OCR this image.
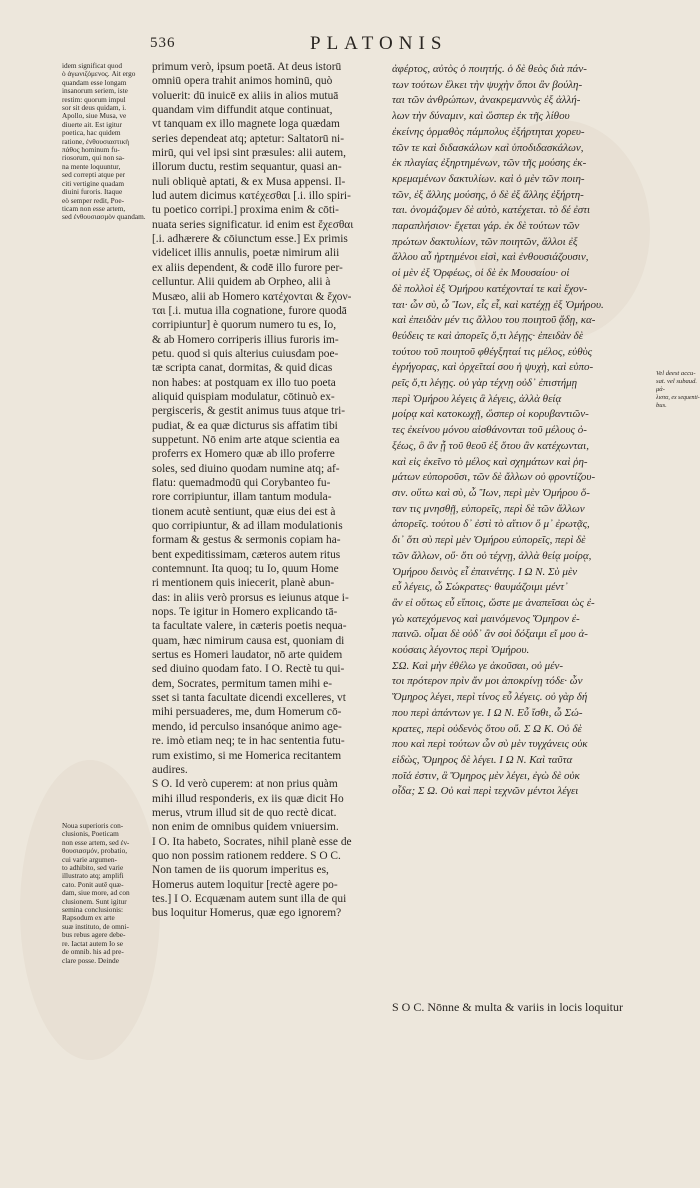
536	PLATONIS
idem significat quod
ὁ ἀγωνιζόμενος. Ait ergo
quandam esse longam
insanorum seriem, iste
restim: quorum impul
sor sit deus quidam, i.
Apollo, siue Musa, ve
diuerte ait. Est igitur
poetica, hac quidem
ratione, ἐνθουσιαστικὴ
πάθος hominum fu-
riosorum, qui non sa-
na mente loquuntur,
sed correpti atque per
citi vertigine quadam
diuini furoris. Itaque
eò semper redit, Poe-
ticam non esse artem,
sed ἐνθουσιασμὸν quandam.
Noua superioris con-
clusionis, Poeticam
non esse artem, sed ἐν-
θουσιασμόν, probatio,
cui varie argumen-
to adhibito, sed varie
illustrato atq; amplifi
cato. Ponit autē quæ-
dam, siue more, ad con
clusionem. Sunt igitur
semina conclusionis:
Rapsodum ex arte
suæ instituto, de omni-
bus rebus agere debe-
re. Iactat autem Io se
de omnib. his ad pre-
clare posse. Deinde
primum verò, ipsum poetā. At deus istorū
omniū opera trahit animos hominū, quò
voluerit: dū inuicē ex aliis in alios mutuā
quandam vim diffundit atque continuat,
vt tanquam ex illo magnete loga quædam
series dependeat atq; aptetur: Saltatorū ni-
mirū, qui vel ipsi sint præsules: alii autem,
illorum ductu, restim sequantur, quasi an-
nuli obliquè aptati, & ex Musa appensi. Il-
lud autem dicimus κατέχεσθαι [.i. illo spiri-
tu poetico corripi.] proxima enim & cōti-
nuata series significatur. id enim est ἔχεσθαι
[.i. adhærere & cōiunctum esse.] Ex primis
videlicet illis annulis, poetæ nimirum alii
ex aliis dependent, & codē illo furore per-
celluntur. Alii quidem ab Orpheo, alii à
Musæo, alii ab Homero κατέχονται & ἔχον-
ται [.i. mutua illa cognatione, furore quodā
corripiuntur] è quorum numero tu es, Io,
& ab Homero corriperis illius furoris im-
petu. quod si quis alterius cuiusdam poe-
tæ scripta canat, dormitas, & quid dicas
non habes: at postquam ex illo tuo poeta
aliquid quispiam modulatur, cōtinuò ex-
pergisceris, & gestit animus tuus atque tri-
pudiat, & ea quæ dicturus sis affatim tibi
suppetunt. Nō enim arte atque scientia ea
proferrs ex Homero quæ ab illo proferre
soles, sed diuino quodam numine atq; af-
flatu: quemadmodū qui Corybanteo fu-
rore corripiuntur, illam tantum modula-
tionem acutè sentiunt, quæ eius dei est à
quo corripiuntur, & ad illam modulationis
formam & gestus & sermonis copiam ha-
bent expeditissimam, cæteros autem ritus
contemnunt. Ita quoq; tu Io, quum Home
ri mentionem quis iniecerit, planè abun-
das: in aliis verò prorsus es ieiunus atque i-
nops. Te igitur in Homero explicando tā-
ta facultate valere, in cæteris poetis nequa-
quam, hæc nimirum causa est, quoniam di
sertus es Homeri laudator, nō arte quidem
sed diuino quodam fato. I O. Rectè tu qui-
dem, Socrates, permitum tamen mihi e-
sset si tanta facultate dicendi excelleres, vt
mihi persuaderes, me, dum Homerum cō-
mendo, id perculso insanóque animo age-
re. imò etiam neq; te in hac sententia futu-
rum existimo, si me Homerica recitantem
audires.
S O. Id verò cuperem: at non prius quàm
mihi illud responderis, ex iis quæ dicit Ho
merus, vtrum illud sit de quo rectè dicat.
non enim de omnibus quidem vniuersim.
I O. Ita habeto, Socrates, nihil planè esse de
quo non possim rationem reddere. S O C.
Non tamen de iis quorum imperitus es,
Homerus autem loquitur [rectè agere po-
tes.] I O. Ecquænam autem sunt illa de qui
bus loquitur Homerus, quæ ego ignorem?
ἀφέρτος, αὐτὸς ὁ ποιητής. ὁ δὲ θεὸς διὰ πάν-
των τούτων ἕλκει τὴν ψυχὴν ὅποι ἂν βούλη-
ται τῶν ἀνθρώπων, ἀνακρεμαννὺς ἐξ ἀλλή-
λων τὴν δύναμιν, καὶ ὥσπερ ἐκ τῆς λίθου
ἐκείνης ὁρμαθὸς πάμπολυς ἐξήρτηται χορευ-
τῶν τε καὶ διδασκάλων καὶ ὑποδιδασκάλων,
ἐκ πλαγίας ἐξηρτημένων, τῶν τῆς μούσης ἐκ-
κρεμαμένων δακτυλίων. καὶ ὁ μὲν τῶν ποιη-
τῶν, ἐξ ἄλλης μούσης, ὁ δὲ ἐξ ἄλλης ἐξήρτη-
ται. ὀνομάζομεν δὲ αὐτὸ, κατέχεται. τὸ δέ ἐστι
παραπλήσιον· ἔχεται γάρ. ἐκ δὲ τούτων τῶν
πρώτων δακτυλίων, τῶν ποιητῶν, ἄλλοι ἐξ
ἄλλου αὖ ἠρτημένοι εἰσὶ, καὶ ἐνθουσιάζουσιν,
οἱ μὲν ἐξ Ὀρφέως, οἱ δὲ ἐκ Μουσαίου· οἱ
δὲ πολλοὶ ἐξ Ὁμήρου κατέχονταί τε καὶ ἔχον-
ται· ὧν σὺ, ὦ Ἴων, εἷς εἶ, καὶ κατέχῃ ἐξ Ὁμήρου.
καὶ ἐπειδὰν μέν τις ἄλλου του ποιητοῦ ᾄδῃ, κα-
θεύδεις τε καὶ ἀπορεῖς ὅ,τι λέγῃς· ἐπειδὰν δὲ
τούτου τοῦ ποιητοῦ φθέγξηταί τις μέλος, εὐθὺς
ἐγρήγορας, καὶ ὀρχεῖταί σου ἡ ψυχὴ, καὶ εὐπο-
ρεῖς ὅ,τι λέγῃς. οὐ γὰρ τέχνῃ οὐδ᾽ ἐπιστήμῃ
περὶ Ὁμήρου λέγεις ἃ λέγεις, ἀλλὰ θείᾳ
μοίρᾳ καὶ κατοκωχῇ, ὥσπερ οἱ κορυβαντιῶν-
τες ἐκείνου μόνου αἰσθάνονται τοῦ μέλους ὀ-
ξέως, ὃ ἂν ᾖ τοῦ θεοῦ ἐξ ὅτου ἂν κατέχωνται,
καὶ εἰς ἐκεῖνο τὸ μέλος καὶ σχημάτων καὶ ῥη-
μάτων εὐποροῦσι, τῶν δὲ ἄλλων οὐ φροντίζου-
σιν. οὕτω καὶ σὺ, ὦ Ἴων, περὶ μὲν Ὁμήρου ὅ-
ταν τις μνησθῇ, εὐπορεῖς, περὶ δὲ τῶν ἄλλων
ἀπορεῖς. τούτου δ᾽ ἐστὶ τὸ αἴτιον ὅ μ᾽ ἐρωτᾷς,
δι᾽ ὅτι σὺ περὶ μὲν Ὁμήρου εὐπορεῖς, περὶ δὲ
τῶν ἄλλων, οὔ· ὅτι οὐ τέχνῃ, ἀλλὰ θείᾳ μοίρᾳ,
Ὁμήρου δεινὸς εἶ ἐπαινέτης. Ι Ω Ν. Σὺ μὲν
εὖ λέγεις, ὦ Σώκρατες· θαυμάζοιμι μέντ᾽
ἂν εἰ οὕτως εὖ εἴποις, ὥστε με ἀναπεῖσαι ὡς ἐ-
γὼ κατεχόμενος καὶ μαινόμενος Ὅμηρον ἐ-
παινῶ. οἶμαι δὲ οὐδ᾽ ἂν σοὶ δόξαιμι εἴ μου ἀ-
κούσαις λέγοντος περὶ Ὁμήρου.
ΣΩ. Καὶ μὴν ἐθέλω γε ἀκοῦσαι, οὐ μέν-
τοι πρότερον πρὶν ἄν μοι ἀποκρίνῃ τόδε· ὧν
Ὅμηρος λέγει, περὶ τίνος εὖ λέγεις. οὐ γὰρ δή
που περὶ ἁπάντων γε. Ι Ω Ν. Εὖ ἴσθι, ὦ Σώ-
κρατες, περὶ οὐδενὸς ὅτου οὔ. Σ Ω Κ. Οὐ δὲ
που καὶ περὶ τούτων ὧν σὺ μὲν τυγχάνεις οὐκ
εἰδὼς, Ὅμηρος δὲ λέγει. Ι Ω Ν. Καὶ ταῦτα
ποῖά ἐστιν, ἃ Ὅμηρος μὲν λέγει, ἐγὼ δὲ οὐκ
οἶδα; Σ Ω. Οὐ καὶ περὶ τεχνῶν μέντοι λέγει
Vel deest accu-
sat. vel subaud.
μά-
λιστα, ex sequenti-
bus.
S O C. Nōnne & multa & variis in locis loquitur
